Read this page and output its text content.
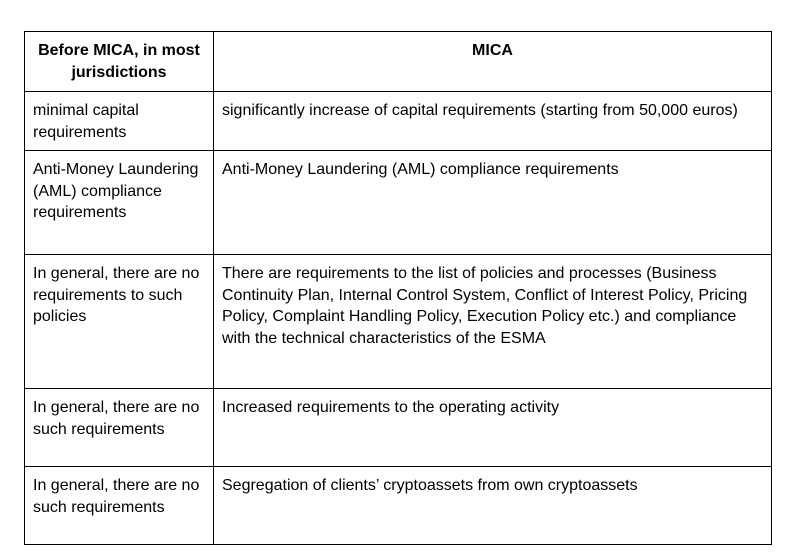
Before MICA, in most jurisdictions	MICA
minimal capital requirements	significantly increase of capital requirements (starting from 50,000 euros)
Anti-Money Laundering (AML) compliance requirements	Anti-Money Laundering (AML) compliance requirements
In general, there are no requirements to such policies	There are requirements to the list of policies and processes (Business Continuity Plan, Internal Control System, Conflict of Interest Policy, Pricing Policy, Complaint Handling Policy, Execution Policy etc.) and compliance with the technical characteristics of the ESMA
In general, there are no such requirements	Increased requirements to the operating activity
In general, there are no such requirements	Segregation of clients’ cryptoassets from own cryptoassets
